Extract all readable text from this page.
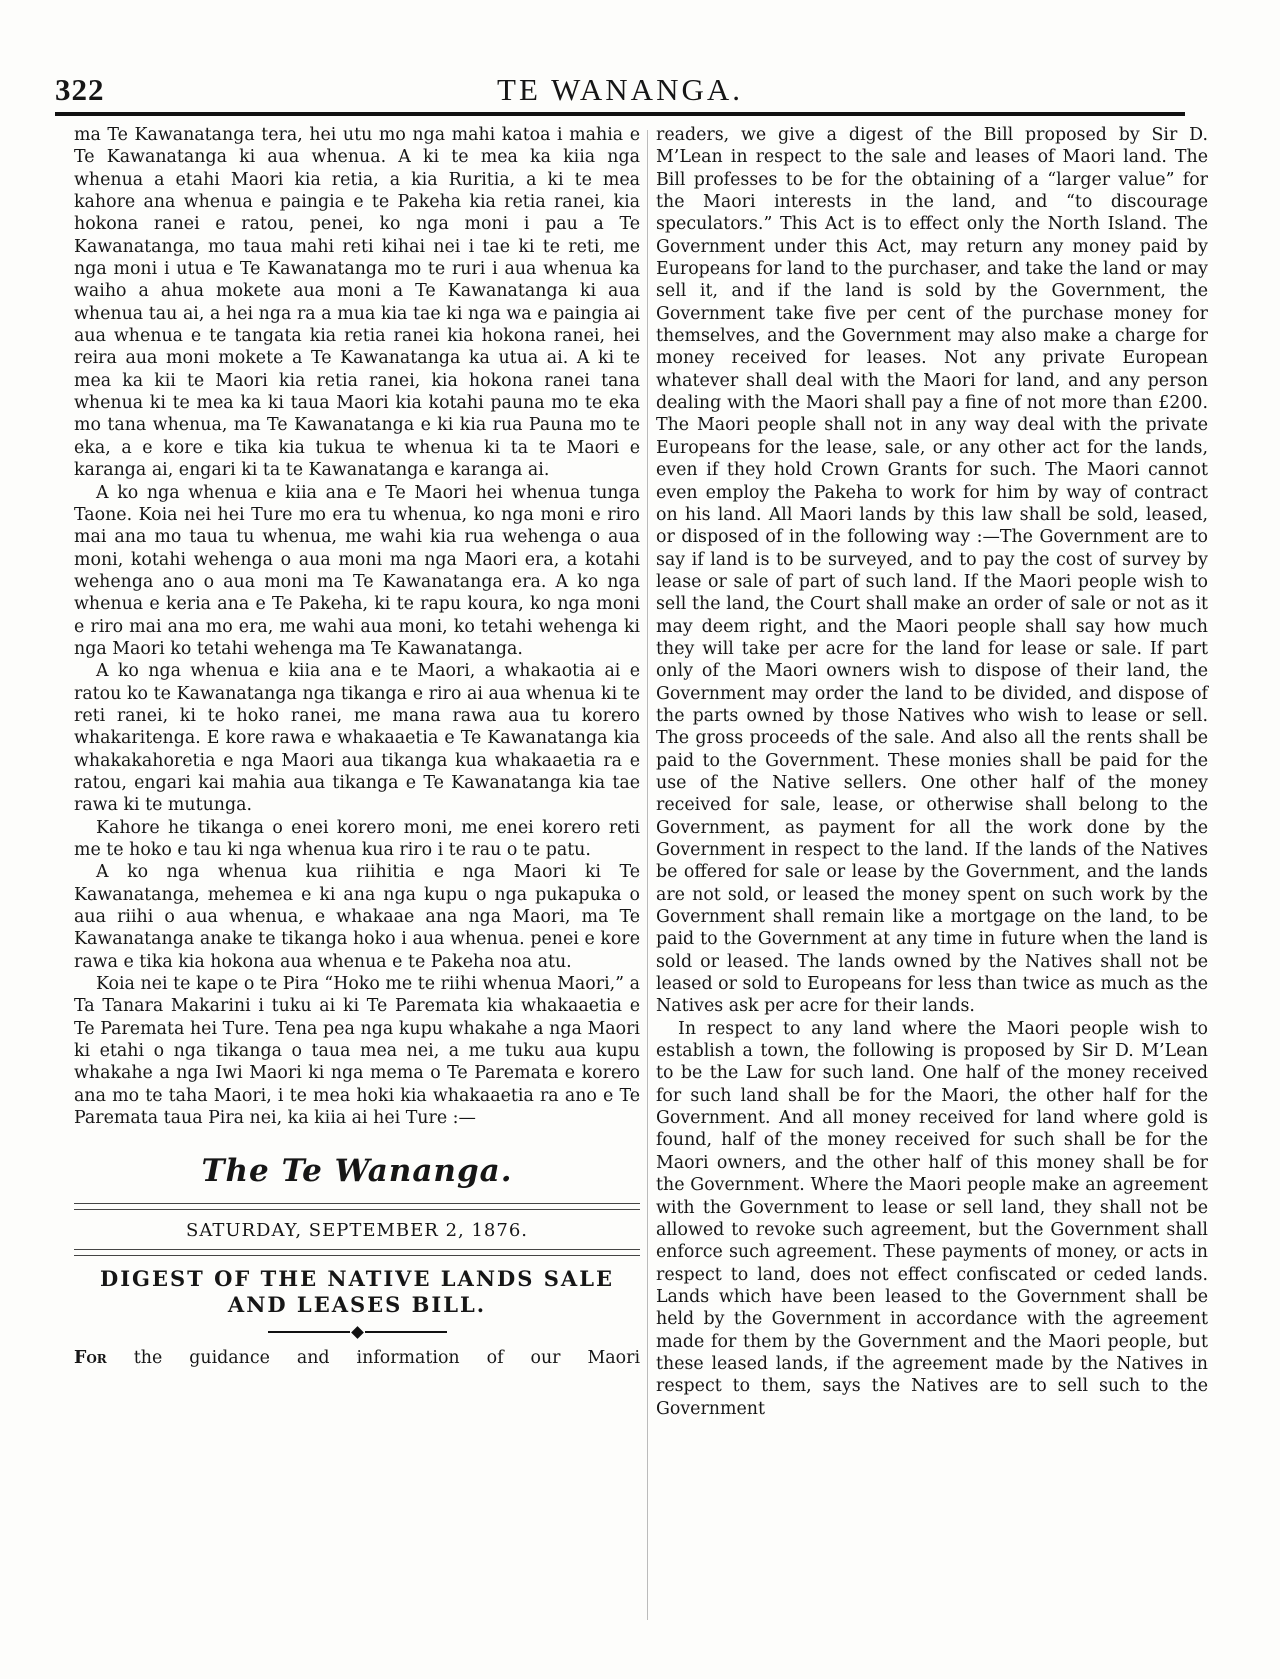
322	TE WANANGA.

ma Te Kawanatanga tera, hei utu mo nga mahi katoa i mahia e Te Kawanatanga ki aua whenua. A ki te mea ka kiia nga whenua a etahi Maori kia retia, a kia Ruritia, a ki te mea kahore ana whenua e paingia e te Pakeha kia retia ranei, kia hokona ranei e ratou, penei, ko nga moni i pau a Te Kawanatanga, mo taua mahi reti kihai nei i tae ki te reti, me nga moni i utua e Te Kawanatanga mo te ruri i aua whenua ka waiho a ahua mokete aua moni a Te Kawanatanga ki aua whenua tau ai, a hei nga ra a mua kia tae ki nga wa e paingia ai aua whenua e te tangata kia retia ranei kia hokona ranei, hei reira aua moni mokete a Te Kawanatanga ka utua ai. A ki te mea ka kii te Maori kia retia ranei, kia hokona ranei tana whenua ki te mea ka ki taua Maori kia kotahi pauna mo te eka mo tana whenua, ma Te Kawanatanga e ki kia rua Pauna mo te eka, a e kore e tika kia tukua te whenua ki ta te Maori e karanga ai, engari ki ta te Kawanatanga e karanga ai.

A ko nga whenua e kiia ana e Te Maori hei whenua tunga Taone. Koia nei hei Ture mo era tu whenua, ko nga moni e riro mai ana mo taua tu whenua, me wahi kia rua wehenga o aua moni, kotahi wehenga o aua moni ma nga Maori era, a kotahi wehenga ano o aua moni ma Te Kawanatanga era. A ko nga whenua e keria ana e Te Pakeha, ki te rapu koura, ko nga moni e riro mai ana mo era, me wahi aua moni, ko tetahi wehenga ki nga Maori ko tetahi wehenga ma Te Kawanatanga.

A ko nga whenua e kiia ana e te Maori, a whakaotia ai e ratou ko te Kawanatanga nga tikanga e riro ai aua whenua ki te reti ranei, ki te hoko ranei, me mana rawa aua tu korero whakaritenga. E kore rawa e whakaaetia e Te Kawanatanga kia whakakahoretia e nga Maori aua tikanga kua whakaaetia ra e ratou, engari kai mahia aua tikanga e Te Kawanatanga kia tae rawa ki te mutunga.

Kahore he tikanga o enei korero moni, me enei korero reti me te hoko e tau ki nga whenua kua riro i te rau o te patu.

A ko nga whenua kua riihitia e nga Maori ki Te Kawanatanga, mehemea e ki ana nga kupu o nga pukapuka o aua riihi o aua whenua, e whakaae ana nga Maori, ma Te Kawanatanga anake te tikanga hoko i aua whenua. penei e kore rawa e tika kia hokona aua whenua e te Pakeha noa atu.

Koia nei te kape o te Pira “Hoko me te riihi whenua Maori,” a Ta Tanara Makarini i tuku ai ki Te Paremata kia whakaaetia e Te Paremata hei Ture. Tena pea nga kupu whakahe a nga Maori ki etahi o nga tikanga o taua mea nei, a me tuku aua kupu whakahe a nga Iwi Maori ki nga mema o Te Paremata e korero ana mo te taha Maori, i te mea hoki kia whakaaetia ra ano e Te Paremata taua Pira nei, ka kiia ai hei Ture :—

The Te Wananga.
SATURDAY, SEPTEMBER 2, 1876.
DIGEST OF THE NATIVE LANDS SALE AND LEASES BILL.

For the guidance and information of our Maori

readers, we give a digest of the Bill proposed by Sir D. M’Lean in respect to the sale and leases of Maori land. The Bill professes to be for the obtaining of a “larger value” for the Maori interests in the land, and “to discourage speculators.” This Act is to effect only the North Island. The Government under this Act, may return any money paid by Europeans for land to the purchaser, and take the land or may sell it, and if the land is sold by the Government, the Government take five per cent of the purchase money for themselves, and the Government may also make a charge for money received for leases. Not any private European whatever shall deal with the Maori for land, and any person dealing with the Maori shall pay a fine of not more than £200. The Maori people shall not in any way deal with the private Europeans for the lease, sale, or any other act for the lands, even if they hold Crown Grants for such. The Maori cannot even employ the Pakeha to work for him by way of contract on his land. All Maori lands by this law shall be sold, leased, or disposed of in the following way :—The Government are to say if land is to be surveyed, and to pay the cost of survey by lease or sale of part of such land. If the Maori people wish to sell the land, the Court shall make an order of sale or not as it may deem right, and the Maori people shall say how much they will take per acre for the land for lease or sale. If part only of the Maori owners wish to dispose of their land, the Government may order the land to be divided, and dispose of the parts owned by those Natives who wish to lease or sell. The gross proceeds of the sale. And also all the rents shall be paid to the Government. These monies shall be paid for the use of the Native sellers. One other half of the money received for sale, lease, or otherwise shall belong to the Government, as payment for all the work done by the Government in respect to the land. If the lands of the Natives be offered for sale or lease by the Government, and the lands are not sold, or leased the money spent on such work by the Government shall remain like a mortgage on the land, to be paid to the Government at any time in future when the land is sold or leased. The lands owned by the Natives shall not be leased or sold to Europeans for less than twice as much as the Natives ask per acre for their lands.

In respect to any land where the Maori people wish to establish a town, the following is proposed by Sir D. M’Lean to be the Law for such land. One half of the money received for such land shall be for the Maori, the other half for the Government. And all money received for land where gold is found, half of the money received for such shall be for the Maori owners, and the other half of this money shall be for the Government. Where the Maori people make an agreement with the Government to lease or sell land, they shall not be allowed to revoke such agreement, but the Government shall enforce such agreement. These payments of money, or acts in respect to land, does not effect confiscated or ceded lands. Lands which have been leased to the Government shall be held by the Government in accordance with the agreement made for them by the Government and the Maori people, but these leased lands, if the agreement made by the Natives in respect to them, says the Natives are to sell such to the Government
